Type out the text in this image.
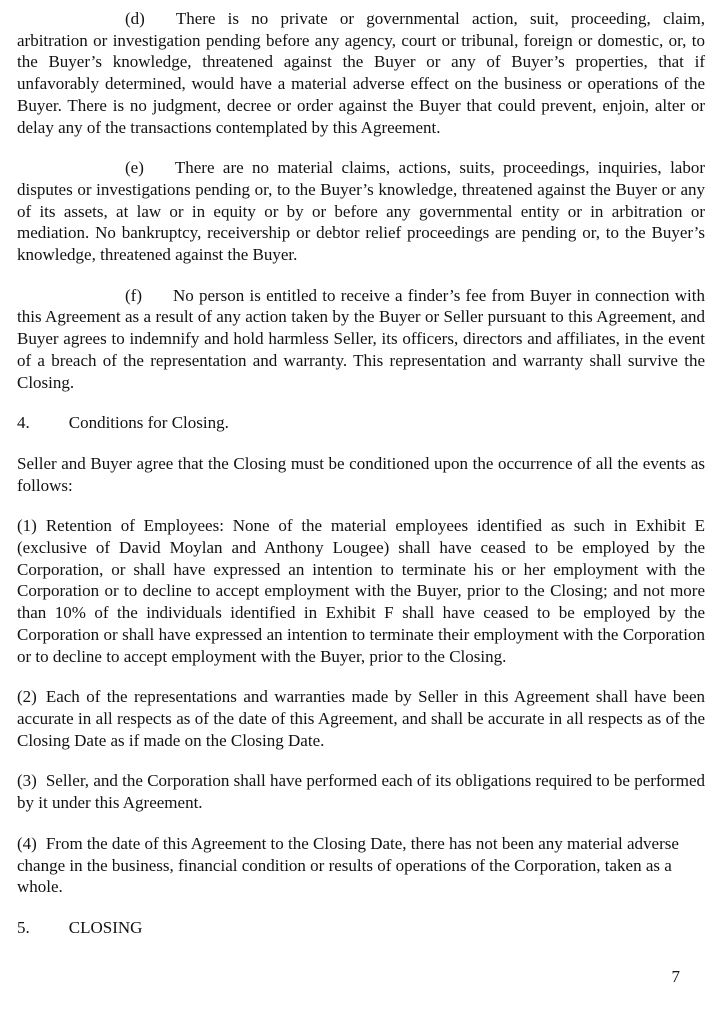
(d) There is no private or governmental action, suit, proceeding, claim, arbitration or investigation pending before any agency, court or tribunal, foreign or domestic, or, to the Buyer’s knowledge, threatened against the Buyer or any of Buyer’s properties, that if unfavorably determined, would have a material adverse effect on the business or operations of the Buyer. There is no judgment, decree or order against the Buyer that could prevent, enjoin, alter or delay any of the transactions contemplated by this Agreement.

(e) There are no material claims, actions, suits, proceedings, inquiries, labor disputes or investigations pending or, to the Buyer’s knowledge, threatened against the Buyer or any of its assets, at law or in equity or by or before any governmental entity or in arbitration or mediation. No bankruptcy, receivership or debtor relief proceedings are pending or, to the Buyer’s knowledge, threatened against the Buyer.

(f) No person is entitled to receive a finder’s fee from Buyer in connection with this Agreement as a result of any action taken by the Buyer or Seller pursuant to this Agreement, and Buyer agrees to indemnify and hold harmless Seller, its officers, directors and affiliates, in the event of a breach of the representation and warranty. This representation and warranty shall survive the Closing.

4. Conditions for Closing.

Seller and Buyer agree that the Closing must be conditioned upon the occurrence of all the events as follows:

(1) Retention of Employees: None of the material employees identified as such in Exhibit E (exclusive of David Moylan and Anthony Lougee) shall have ceased to be employed by the Corporation, or shall have expressed an intention to terminate his or her employment with the Corporation or to decline to accept employment with the Buyer, prior to the Closing; and not more than 10% of the individuals identified in Exhibit F shall have ceased to be employed by the Corporation or shall have expressed an intention to terminate their employment with the Corporation or to decline to accept employment with the Buyer, prior to the Closing.

(2) Each of the representations and warranties made by Seller in this Agreement shall have been accurate in all respects as of the date of this Agreement, and shall be accurate in all respects as of the Closing Date as if made on the Closing Date.

(3) Seller, and the Corporation shall have performed each of its obligations required to be performed by it under this Agreement.

(4) From the date of this Agreement to the Closing Date, there has not been any material adverse change in the business, financial condition or results of operations of the Corporation, taken as a whole.

5. CLOSING

7
